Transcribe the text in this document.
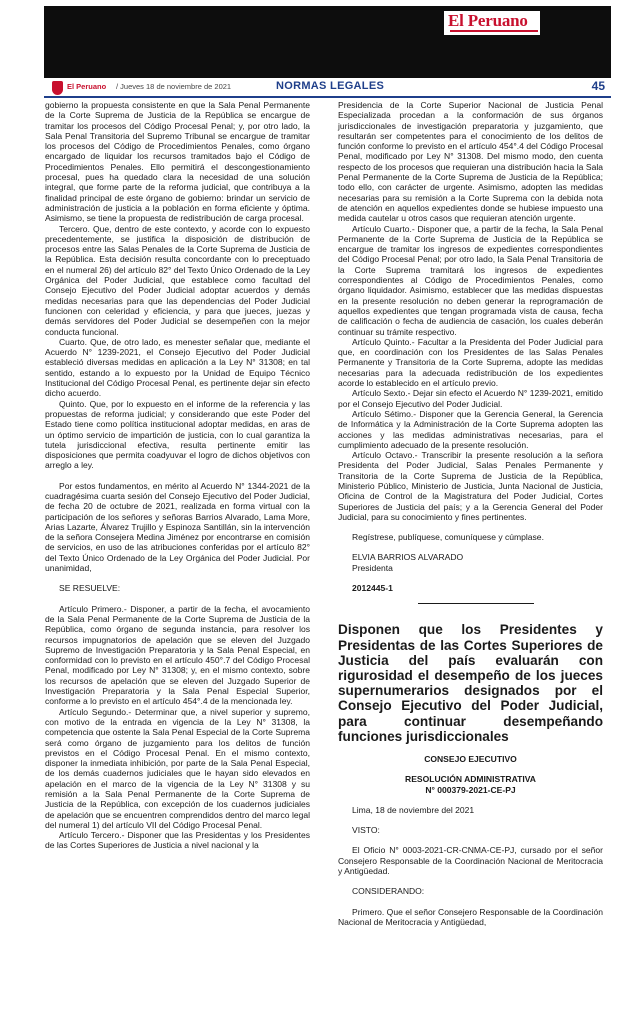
El Peruano
El Peruano / Jueves 18 de noviembre de 2021	NORMAS LEGALES	45

gobierno la propuesta consistente en que la Sala Penal Permanente de la Corte Suprema de Justicia de la República se encargue de tramitar los procesos del Código Procesal Penal; y, por otro lado, la Sala Penal Transitoria del Supremo Tribunal se encargue de tramitar los procesos del Código de Procedimientos Penales, como órgano encargado de liquidar los recursos tramitados bajo el Código de Procedimientos Penales. Ello permitirá el descongestionamiento procesal, pues ha quedado clara la necesidad de una solución integral, que forme parte de la reforma judicial, que contribuya a la finalidad principal de este órgano de gobierno: brindar un servicio de administración de justicia a la población en forma eficiente y óptima. Asimismo, se tiene la propuesta de redistribución de carga procesal.

Tercero. Que, dentro de este contexto, y acorde con lo expuesto precedentemente, se justifica la disposición de distribución de procesos entre las Salas Penales de la Corte Suprema de Justicia de la República. Esta decisión resulta concordante con lo preceptuado en el numeral 26) del artículo 82° del Texto Único Ordenado de la Ley Orgánica del Poder Judicial, que establece como facultad del Consejo Ejecutivo del Poder Judicial adoptar acuerdos y demás medidas necesarias para que las dependencias del Poder Judicial funcionen con celeridad y eficiencia, y para que jueces, juezas y demás servidores del Poder Judicial se desempeñen con la mejor conducta funcional.

Cuarto. Que, de otro lado, es menester señalar que, mediante el Acuerdo N° 1239-2021, el Consejo Ejecutivo del Poder Judicial estableció diversas medidas en aplicación a la Ley N° 31308; en tal sentido, estando a lo expuesto por la Unidad de Equipo Técnico Institucional del Código Procesal Penal, es pertinente dejar sin efecto dicho acuerdo.

Quinto. Que, por lo expuesto en el informe de la referencia y las propuestas de reforma judicial; y considerando que este Poder del Estado tiene como política institucional adoptar medidas, en aras de un óptimo servicio de impartición de justicia, con lo cual garantiza la tutela jurisdiccional efectiva, resulta pertinente emitir las disposiciones que permita coadyuvar el logro de dichos objetivos con arreglo a ley.

Por estos fundamentos, en mérito al Acuerdo N° 1344-2021 de la cuadragésima cuarta sesión del Consejo Ejecutivo del Poder Judicial, de fecha 20 de octubre de 2021, realizada en forma virtual con la participación de los señores y señoras Barrios Alvarado, Lama More, Arias Lazarte, Álvarez Trujillo y Espinoza Santillán, sin la intervención de la señora Consejera Medina Jiménez por encontrarse en comisión de servicios, en uso de las atribuciones conferidas por el artículo 82° del Texto Único Ordenado de la Ley Orgánica del Poder Judicial. Por unanimidad,

SE RESUELVE:

Artículo Primero.- Disponer, a partir de la fecha, el avocamiento de la Sala Penal Permanente de la Corte Suprema de Justicia de la República, como órgano de segunda instancia, para resolver los recursos impugnatorios de apelación que se eleven del Juzgado Supremo de Investigación Preparatoria y la Sala Penal Especial, en conformidad con lo previsto en el artículo 450°.7 del Código Procesal Penal, modificado por Ley N° 31308; y, en el mismo contexto, sobre los recursos de apelación que se eleven del Juzgado Superior de Investigación Preparatoria y la Sala Penal Especial Superior, conforme a lo previsto en el artículo 454°.4 de la mencionada ley.

Artículo Segundo.- Determinar que, a nivel superior y supremo, con motivo de la entrada en vigencia de la Ley N° 31308, la competencia que ostente la Sala Penal Especial de la Corte Suprema será como órgano de juzgamiento para los delitos de función previstos en el Código Procesal Penal. En el mismo contexto, disponer la inmediata inhibición, por parte de la Sala Penal Especial, de los demás cuadernos judiciales que le hayan sido elevados en apelación en el marco de la vigencia de la Ley N° 31308 y su remisión a la Sala Penal Permanente de la Corte Suprema de Justicia de la República, con excepción de los cuadernos judiciales de apelación que se encuentren comprendidos dentro del marco legal del numeral 1) del artículo VII del Código Procesal Penal.

Artículo Tercero.- Disponer que las Presidentas y los Presidentes de las Cortes Superiores de Justicia a nivel nacional y la

Presidencia de la Corte Superior Nacional de Justicia Penal Especializada procedan a la conformación de sus órganos jurisdiccionales de investigación preparatoria y juzgamiento, que resultarán ser competentes para el conocimiento de los delitos de función conforme lo previsto en el artículo 454°.4 del Código Procesal Penal, modificado por Ley N° 31308. Del mismo modo, den cuenta respecto de los procesos que requieran una distribución hacia la Sala Penal Permanente de la Corte Suprema de Justicia de la República; todo ello, con carácter de urgente. Asimismo, adopten las medidas necesarias para su remisión a la Corte Suprema con la debida nota de atención en aquellos expedientes donde se hubiese impuesto una medida cautelar u otros casos que requieran atención urgente.

Artículo Cuarto.- Disponer que, a partir de la fecha, la Sala Penal Permanente de la Corte Suprema de Justicia de la República se encargue de tramitar los ingresos de expedientes correspondientes del Código Procesal Penal; por otro lado, la Sala Penal Transitoria de la Corte Suprema tramitará los ingresos de expedientes correspondientes al Código de Procedimientos Penales, como órgano liquidador. Asimismo, establecer que las medidas dispuestas en la presente resolución no deben generar la reprogramación de aquellos expedientes que tengan programada vista de causa, fecha de calificación o fecha de audiencia de casación, los cuales deberán continuar su trámite respectivo.

Artículo Quinto.- Facultar a la Presidenta del Poder Judicial para que, en coordinación con los Presidentes de las Salas Penales Permanente y Transitoria de la Corte Suprema, adopte las medidas necesarias para la adecuada redistribución de los expedientes acorde lo establecido en el artículo previo.

Artículo Sexto.- Dejar sin efecto el Acuerdo N° 1239-2021, emitido por el Consejo Ejecutivo del Poder Judicial.

Artículo Sétimo.- Disponer que la Gerencia General, la Gerencia de Informática y la Administración de la Corte Suprema adopten las acciones y las medidas administrativas necesarias, para el cumplimiento adecuado de la presente resolución.

Artículo Octavo.- Transcribir la presente resolución a la señora Presidenta del Poder Judicial, Salas Penales Permanente y Transitoria de la Corte Suprema de Justicia de la República, Ministerio Público, Ministerio de Justicia, Junta Nacional de Justicia, Oficina de Control de la Magistratura del Poder Judicial, Cortes Superiores de Justicia del país; y a la Gerencia General del Poder Judicial, para su conocimiento y fines pertinentes.

Regístrese, publíquese, comuníquese y cúmplase.

ELVIA BARRIOS ALVARADO

Presidenta

2012445-1

Disponen que los Presidentes y Presidentas de las Cortes Superiores de Justicia del país evaluarán con rigurosidad el desempeño de los jueces supernumerarios designados por el Consejo Ejecutivo del Poder Judicial, para continuar desempeñando funciones jurisdiccionales

CONSEJO EJECUTIVO

RESOLUCIÓN ADMINISTRATIVA

N° 000379-2021-CE-PJ

Lima, 18 de noviembre del 2021

VISTO:

El Oficio N° 0003-2021-CR-CNMA-CE-PJ, cursado por el señor Consejero Responsable de la Coordinación Nacional de Meritocracia y Antigüedad.

CONSIDERANDO:

Primero. Que el señor Consejero Responsable de la Coordinación Nacional de Meritocracia y Antigüedad,
